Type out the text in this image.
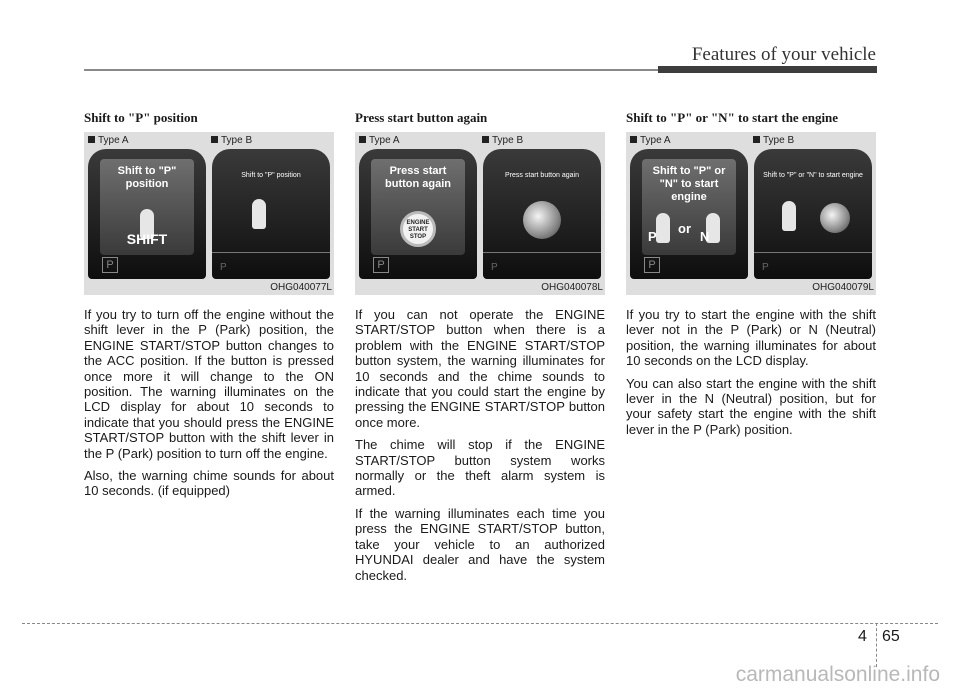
Features of your vehicle
Shift to "P" position
Type A	Type B
Shift to "P" position
SHIFT
P
Shift to "P" position
P
OHG040077L

If you try to turn off the engine without the shift lever in the P (Park) position, the ENGINE START/STOP button changes to the ACC position. If the button is pressed once more it will change to the ON position. The warning illuminates on the LCD display for about 10 seconds to indicate that you should press the ENGINE START/STOP button with the shift lever in the P (Park) position to turn off the engine.

Also, the warning chime sounds for about 10 seconds. (if equipped)

Press start button again
Type A	Type B
Press start button again
ENGINE START STOP
P
Press start button again
P
OHG040078L

If you can not operate the ENGINE START/STOP button when there is a problem with the ENGINE START/STOP button system, the warning illuminates for 10 seconds and the chime sounds to indicate that you could start the engine by pressing the ENGINE START/STOP button once more.

The chime will stop if the ENGINE START/STOP button system works normally or the theft alarm system is armed.

If the warning illuminates each time you press the ENGINE START/STOP button, take your vehicle to an authorized HYUNDAI dealer and have the system checked.

Shift to "P" or "N" to start the engine
Type A	Type B
Shift to "P" or "N" to start engine
P
or
N
P
Shift to "P" or "N" to start engine
P
OHG040079L

If you try to start the engine with the shift lever not in the P (Park) or N (Neutral) position, the warning illuminates for about 10 seconds on the LCD display.

You can also start the engine with the shift lever in the N (Neutral) position, but for your safety start the engine with the shift lever in the P (Park) position.

4 65
carmanualsonline.info
